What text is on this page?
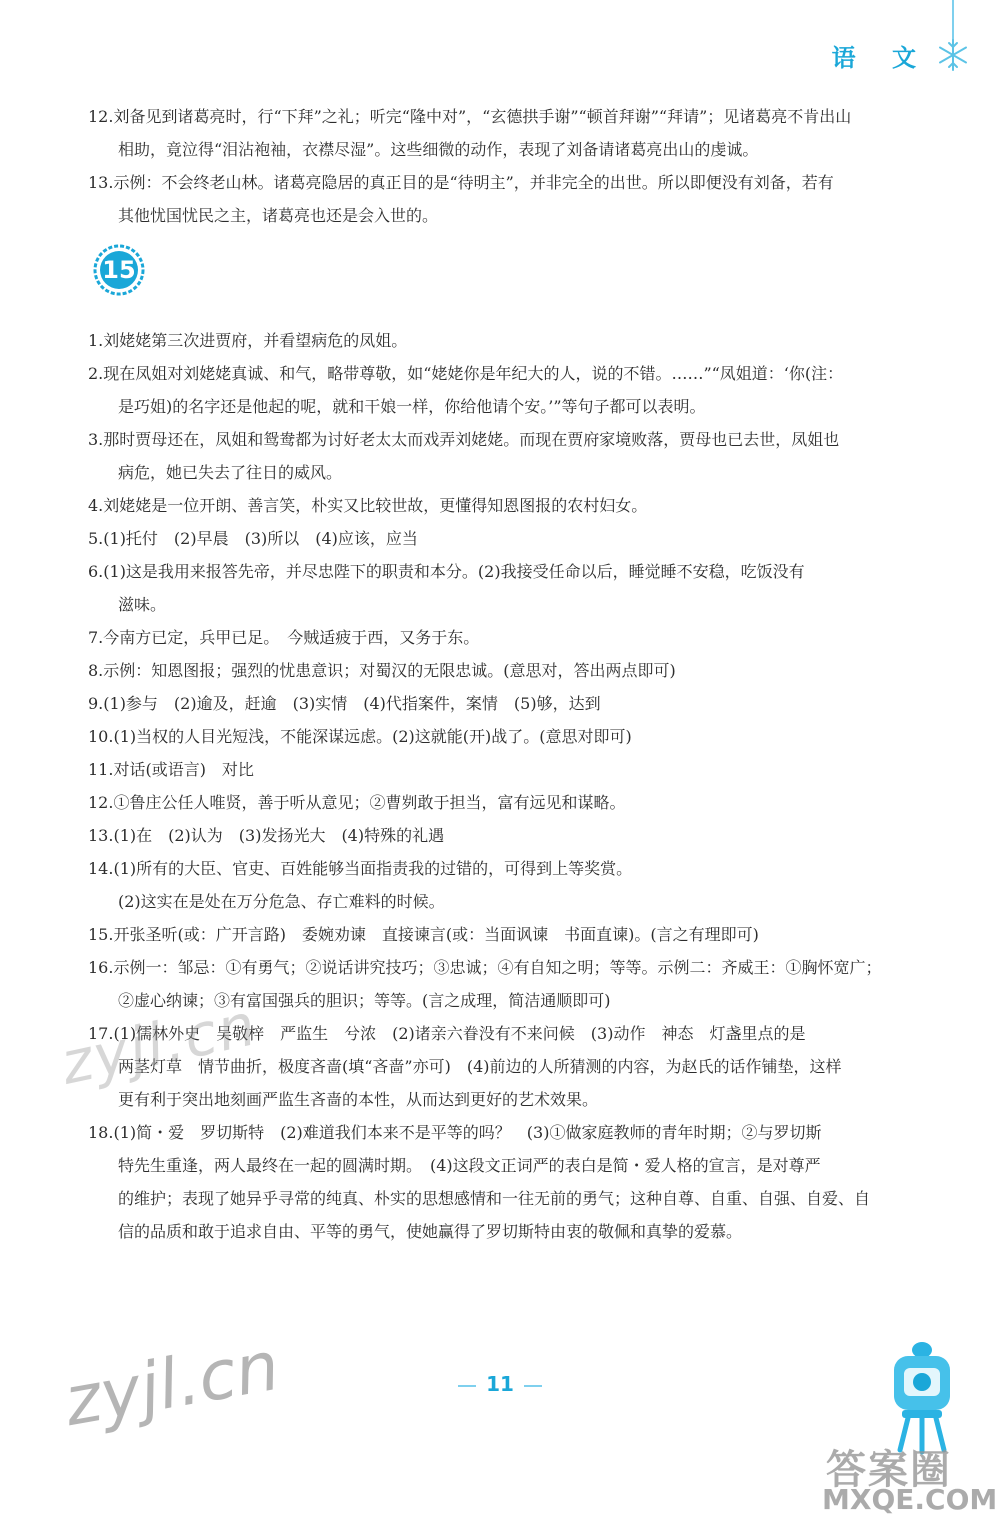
语 文

12.刘备见到诸葛亮时，行“下拜”之礼；听完“隆中对”，“玄德拱手谢”“顿首拜谢”“拜请”；见诸葛亮不肯出山

相助，竟泣得“泪沾袍袖，衣襟尽湿”。这些细微的动作，表现了刘备请诸葛亮出山的虔诚。

13.示例：不会终老山林。诸葛亮隐居的真正目的是“待明主”，并非完全的出世。所以即便没有刘备，若有

其他忧国忧民之主，诸葛亮也还是会入世的。

15

1.刘姥姥第三次进贾府，并看望病危的凤姐。

2.现在凤姐对刘姥姥真诚、和气，略带尊敬，如“姥姥你是年纪大的人，说的不错。……”“凤姐道：‘你(注：

是巧姐)的名字还是他起的呢，就和干娘一样，你给他请个安。’”等句子都可以表明。

3.那时贾母还在，凤姐和鸳鸯都为讨好老太太而戏弄刘姥姥。而现在贾府家境败落，贾母也已去世，凤姐也

病危，她已失去了往日的威风。

4.刘姥姥是一位开朗、善言笑，朴实又比较世故，更懂得知恩图报的农村妇女。

5.(1)托付　(2)早晨　(3)所以　(4)应该，应当

6.(1)这是我用来报答先帝，并尽忠陛下的职责和本分。(2)我接受任命以后，睡觉睡不安稳，吃饭没有

滋味。

7.今南方已定，兵甲已足。　今贼适疲于西，又务于东。

8.示例：知恩图报；强烈的忧患意识；对蜀汉的无限忠诚。(意思对，答出两点即可)

9.(1)参与　(2)逾及，赶逾　(3)实情　(4)代指案件，案情　(5)够，达到

10.(1)当权的人目光短浅，不能深谋远虑。(2)这就能(开)战了。(意思对即可)

11.对话(或语言)　对比

12.①鲁庄公任人唯贤，善于听从意见；②曹刿敢于担当，富有远见和谋略。

13.(1)在　(2)认为　(3)发扬光大　(4)特殊的礼遇

14.(1)所有的大臣、官吏、百姓能够当面指责我的过错的，可得到上等奖赏。

(2)这实在是处在万分危急、存亡难料的时候。

15.开张圣听(或：广开言路)　委婉劝谏　直接谏言(或：当面讽谏　书面直谏)。(言之有理即可)

16.示例一：邹忌：①有勇气；②说话讲究技巧；③忠诚；④有自知之明；等等。示例二：齐威王：①胸怀宽广；

②虚心纳谏；③有富国强兵的胆识；等等。(言之成理，简洁通顺即可)

17.(1)儒林外史　吴敬梓　严监生　兮浓　(2)诸亲六眷没有不来问候　(3)动作　神态　灯盏里点的是

两茎灯草　情节曲折，极度吝啬(填“吝啬”亦可)　(4)前边的人所猜测的内容，为赵氏的话作铺垫，这样

更有利于突出地刻画严监生吝啬的本性，从而达到更好的艺术效果。

18.(1)简・爱　罗切斯特　(2)难道我们本来不是平等的吗？　(3)①做家庭教师的青年时期；②与罗切斯

特先生重逢，两人最终在一起的圆满时期。　(4)这段文正词严的表白是简・爱人格的宣言，是对尊严

的维护；表现了她异乎寻常的纯真、朴实的思想感情和一往无前的勇气；这种自尊、自重、自强、自爱、自

信的品质和敢于追求自由、平等的勇气，使她赢得了罗切斯特由衷的敬佩和真挚的爱慕。

zyjl.cn
zyjl.cn	11
答案圈
MXQE.COM
